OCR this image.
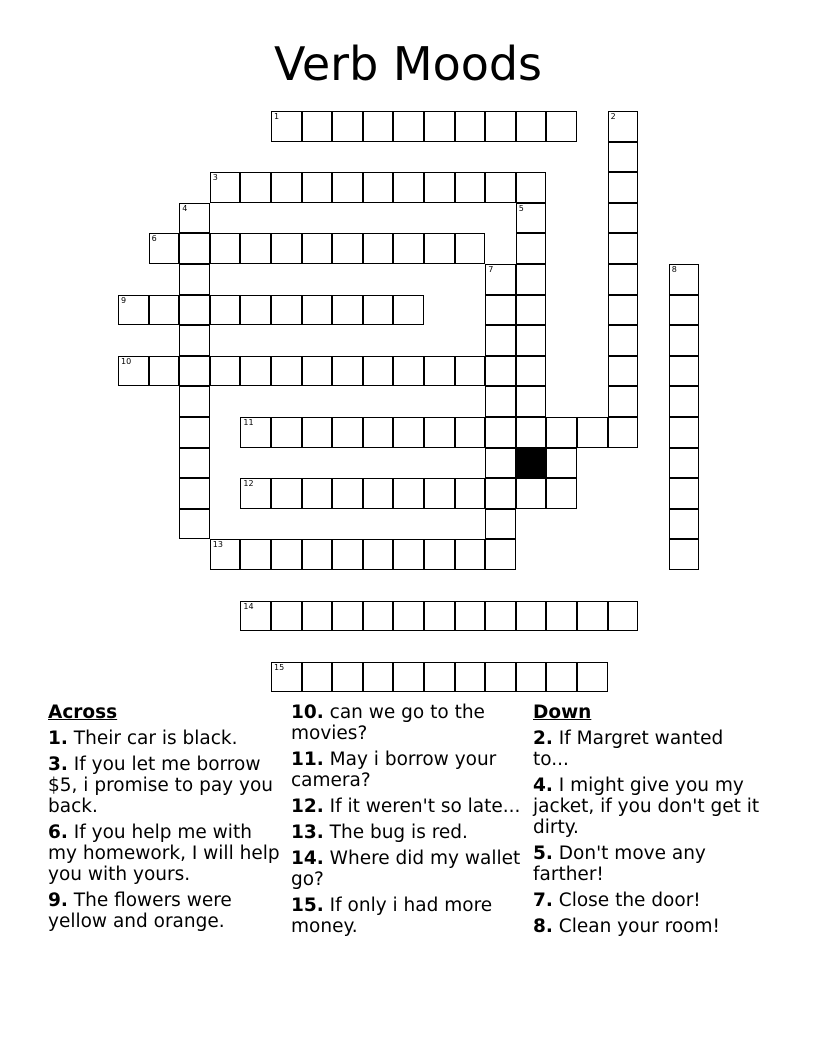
Verb Moods
1	2
3
4	5
6
7	8
9
10
11
12
13
14
15
Across
1. Their car is black.
3. If you let me borrow $5, i promise to pay you back.
6. If you help me with my homework, I will help you with yours.
9. The flowers were yellow and orange.
10. can we go to the movies?
11. May i borrow your camera?
12. If it weren't so late...
13. The bug is red.
14. Where did my wallet go?
15. If only i had more money.
Down
2. If Margret wanted to...
4. I might give you my jacket, if you don't get it dirty.
5. Don't move any farther!
7. Close the door!
8. Clean your room!
